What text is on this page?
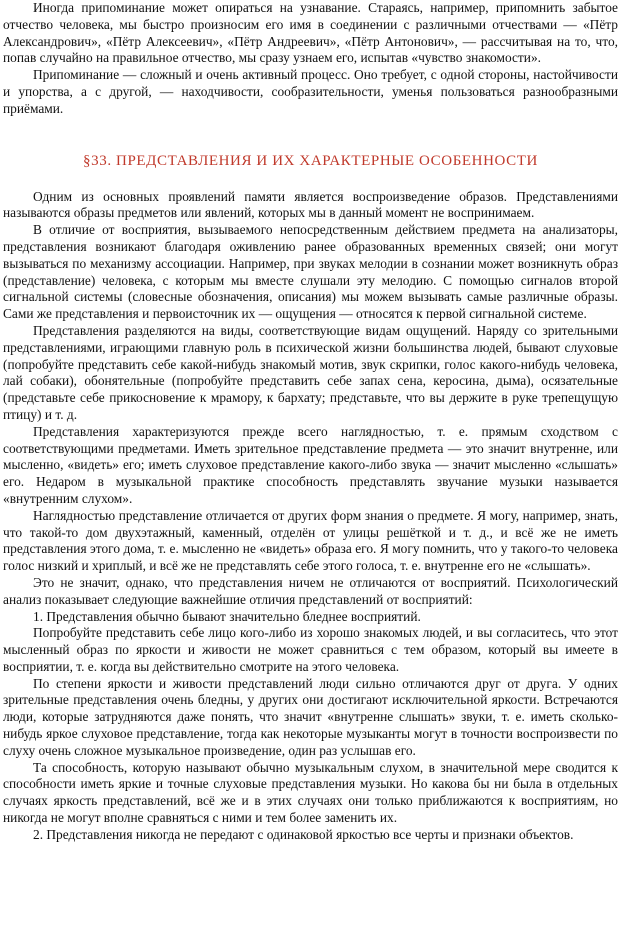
Иногда припоминание может опираться на узнавание. Стараясь, например, припомнить забытое отчество человека, мы быстро произносим его имя в соединении с различными отчествами — «Пётр Александрович», «Пётр Алексеевич», «Пётр Андреевич», «Пётр Антонович», — рассчитывая на то, что, попав случайно на правильное отчество, мы сразу узнаем его, испытав «чувство знакомости».

Припоминание — сложный и очень активный процесс. Оно требует, с одной стороны, настойчивости и упорства, а с другой, — находчивости, сообразительности, уменья пользоваться разнообразными приёмами.

§33. ПРЕДСТАВЛЕНИЯ И ИХ ХАРАКТЕРНЫЕ ОСОБЕННОСТИ

Одним из основных проявлений памяти является воспроизведение образов. Представлениями называются образы предметов или явлений, которых мы в данный момент не воспринимаем.

В отличие от восприятия, вызываемого непосредственным действием предмета на анализаторы, представления возникают благодаря оживлению ранее образованных временных связей; они могут вызываться по механизму ассоциации. Например, при звуках мелодии в сознании может возникнуть образ (представление) человека, с которым мы вместе слушали эту мелодию. С помощью сигналов второй сигнальной системы (словесные обозначения, описания) мы можем вызывать самые различные образы. Сами же представления и первоисточник их — ощущения — относятся к первой сигнальной системе.

Представления разделяются на виды, соответствующие видам ощущений. Наряду со зрительными представлениями, играющими главную роль в психической жизни большинства людей, бывают слуховые (попробуйте представить себе какой-нибудь знакомый мотив, звук скрипки, голос какого-нибудь человека, лай собаки), обонятельные (попробуйте представить себе запах сена, керосина, дыма), осязательные (представьте себе прикосновение к мрамору, к бархату; представьте, что вы держите в руке трепещущую птицу) и т. д.

Представления характеризуются прежде всего наглядностью, т. е. прямым сходством с соответствующими предметами. Иметь зрительное представление предмета — это значит внутренне, или мысленно, «видеть» его; иметь слуховое представление какого-либо звука — значит мысленно «слышать» его. Недаром в музыкальной практике способность представлять звучание музыки называется «внутренним слухом».

Наглядностью представление отличается от других форм знания о предмете. Я могу, например, знать, что такой-то дом двухэтажный, каменный, отделён от улицы решёткой и т. д., и всё же не иметь представления этого дома, т. е. мысленно не «видеть» образа его. Я могу помнить, что у такого-то человека голос низкий и хриплый, и всё же не представлять себе этого голоса, т. е. внутренне его не «слышать».

Это не значит, однако, что представления ничем не отличаются от восприятий. Психологический анализ показывает следующие важнейшие отличия представлений от восприятий:

1. Представления обычно бывают значительно бледнее восприятий.

Попробуйте представить себе лицо кого-либо из хорошо знакомых людей, и вы согласитесь, что этот мысленный образ по яркости и живости не может сравниться с тем образом, который вы имеете в восприятии, т. е. когда вы действительно смотрите на этого человека.

По степени яркости и живости представлений люди сильно отличаются друг от друга. У одних зрительные представления очень бледны, у других они достигают исключительной яркости. Встречаются люди, которые затрудняются даже понять, что значит «внутренне слышать» звуки, т. е. иметь сколько-нибудь яркое слуховое представление, тогда как некоторые музыканты могут в точности воспроизвести по слуху очень сложное музыкальное произведение, один раз услышав его.

Та способность, которую называют обычно музыкальным слухом, в значительной мере сводится к способности иметь яркие и точные слуховые представления музыки. Но какова бы ни была в отдельных случаях яркость представлений, всё же и в этих случаях они только приближаются к восприятиям, но никогда не могут вполне сравняться с ними и тем более заменить их.

2. Представления никогда не передают с одинаковой яркостью все черты и признаки объектов.
